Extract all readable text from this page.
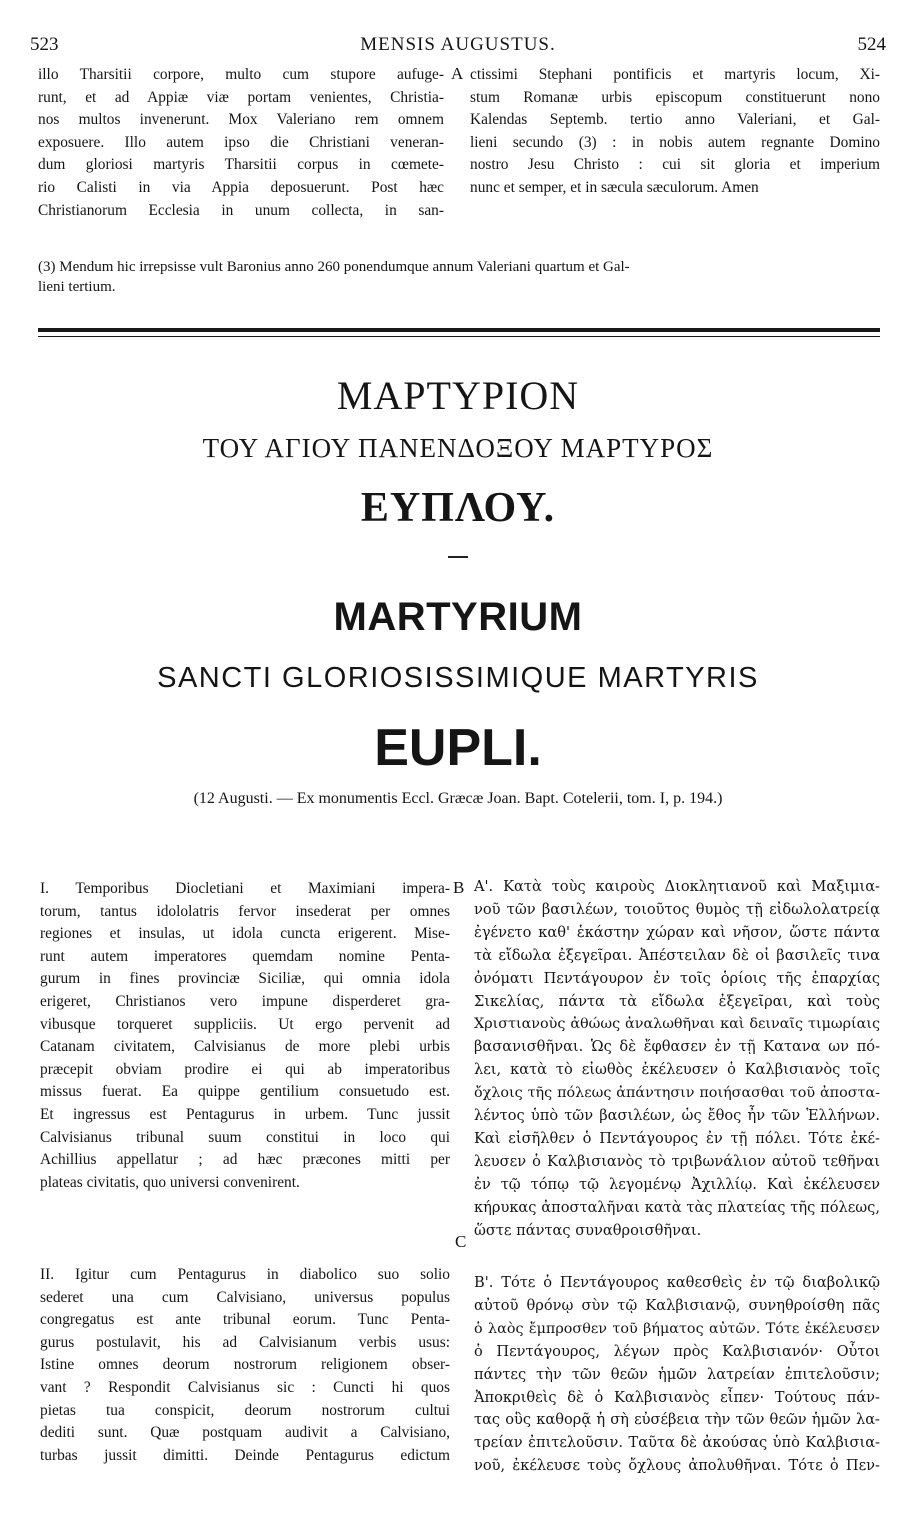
523	MENSIS AUGUSTUS.	524
illo Tharsitii corpore, multo cum stupore aufuge-
runt, et ad Appiæ viæ portam venientes, Christia-
nos multos invenerunt. Mox Valeriano rem omnem
exposuere. Illo autem ipso die Christiani veneran-
dum gloriosi martyris Tharsitii corpus in cœmete-
rio Calisti in via Appia deposuerunt. Post hæc
Christianorum Ecclesia in unum collecta, in san-
A ctissimi Stephani pontificis et martyris locum, Xi-
stum Romanæ urbis episcopum constituerunt nono
Kalendas Septemb. tertio anno Valeriani, et Gal-
lieni secundo (3) : in nobis autem regnante Domino
nostro Jesu Christo : cui sit gloria et imperium
nunc et semper, et in sæcula sæculorum. Amen
(3) Mendum hic irrepsisse vult Baronius anno 260 ponendumque annum Valeriani quartum et Gal-
lieni tertium.
ΜΑΡΤΥΡΙΟΝ
ΤΟΥ ΑΓΙΟΥ ΠΑΝΕΝΔΟΞΟΥ ΜΑΡΤΥΡΟΣ
ΕΥΠΛΟΥ.
MARTYRIUM
SANCTI GLORIOSISSIMIQUE MARTYRIS
EUPLI.
(12 Augusti. — Ex monumentis Eccl. Græcæ Joan. Bapt. Cotelerii, tom. I, p. 194.)
I. Temporibus Diocletiani et Maximiani impera-
torum, tantus idololatris fervor insederat per omnes
regiones et insulas, ut idola cuncta erigerent. Mise-
runt autem imperatores quemdam nomine Penta-
gurum in fines provinciæ Siciliæ, qui omnia idola
erigeret, Christianos vero impune disperderet gra-
vibusque torqueret suppliciis. Ut ergo pervenit ad
Catanam civitatem, Calvisianus de more plebi urbis
præcepit obviam prodire ei qui ab imperatoribus
missus fuerat. Ea quippe gentilium consuetudo est.
Et ingressus est Pentagurus in urbem. Tunc jussit
Calvisianus tribunal suum constitui in loco qui
Achillius appellatur ; ad hæc præcones mitti per
plateas civitatis, quo universi convenirent.
B
C
Α'. Κατὰ τοὺς καιροὺς Διοκλητιανοῦ καὶ Μαξιμια-
νοῦ τῶν βασιλέων, τοιοῦτος θυμὸς τῇ εἰδωλολατρείᾳ
ἐγένετο καθ' ἑκάστην χώραν καὶ νῆσον, ὥστε πάντα
τὰ εἴδωλα ἐξεγεῖραι. Ἀπέστειλαν δὲ οἱ βασιλεῖς τινα
ὀνόματι Πεντάγουρον ἐν τοῖς ὁρίοις τῆς ἐπαρχίας
Σικελίας, πάντα τὰ εἴδωλα ἐξεγεῖραι, καὶ τοὺς
Χριστιανοὺς ἀθώως ἀναλωθῆναι καὶ δειναῖς τιμωρίαις
βασανισθῆναι. Ὡς δὲ ἔφθασεν ἐν τῇ Κατανα ων πό-
λει, κατὰ τὸ εἰωθὸς ἐκέλευσεν ὁ Καλβισιανὸς τοῖς
ὄχλοις τῆς πόλεως ἀπάντησιν ποιήσασθαι τοῦ ἀποστα-
λέντος ὑπὸ τῶν βασιλέων, ὡς ἔθος ἦν τῶν Ἑλλήνων.
Καὶ εἰσῆλθεν ὁ Πεντάγουρος ἐν τῇ πόλει. Τότε ἐκέ-
λευσεν ὁ Καλβισιανὸς τὸ τριβωνάλιον αὐτοῦ τεθῆναι
ἐν τῷ τόπῳ τῷ λεγομένῳ Ἀχιλλίῳ. Καὶ ἐκέλευσεν
κήρυκας ἀποσταλῆναι κατὰ τὰς πλατείας τῆς πόλεως,
ὥστε πάντας συναθροισθῆναι.
II. Igitur cum Pentagurus in diabolico suo solio
sederet una cum Calvisiano, universus populus
congregatus est ante tribunal eorum. Tunc Penta-
gurus postulavit, his ad Calvisianum verbis usus:
Istine omnes deorum nostrorum religionem obser-
vant ? Respondit Calvisianus sic : Cuncti hi quos
pietas tua conspicit, deorum nostrorum cultui
dediti sunt. Quæ postquam audivit a Calvisiano,
turbas jussit dimitti. Deinde Pentagurus edictum
Β'. Τότε ὁ Πεντάγουρος καθεσθεὶς ἐν τῷ διαβολικῷ
αὐτοῦ θρόνῳ σὺν τῷ Καλβισιανῷ, συνηθροίσθη πᾶς
ὁ λαὸς ἔμπροσθεν τοῦ βήματος αὐτῶν. Τότε ἐκέλευσεν
ὁ Πεντάγουρος, λέγων πρὸς Καλβισιανόν· Οὗτοι
πάντες τὴν τῶν θεῶν ἡμῶν λατρείαν ἐπιτελοῦσιν;
Ἀποκριθεὶς δὲ ὁ Καλβισιανὸς εἶπεν· Τούτους πάν-
τας οὓς καθορᾷ ἡ σὴ εὐσέβεια τὴν τῶν θεῶν ἡμῶν λα-
τρείαν ἐπιτελοῦσιν. Ταῦτα δὲ ἀκούσας ὑπὸ Καλβισια-
νοῦ, ἐκέλευσε τοὺς ὄχλους ἀπολυθῆναι. Τότε ὁ Πεν-
